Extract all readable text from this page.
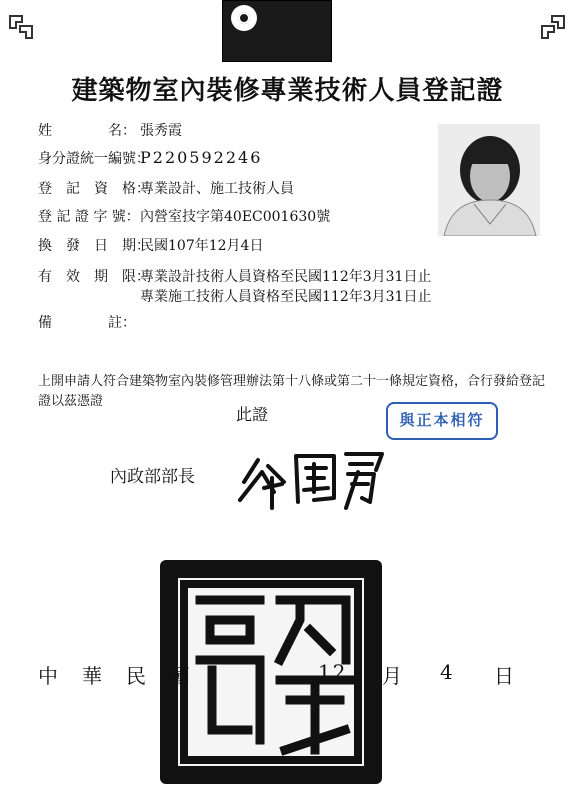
建築物室內裝修專業技術人員登記證
姓　　　　名： 張秀霞
身分證統一編號：P220592246
登　記　資　格：專業設計、施工技術人員
登 記 證 字 號：內營室技字第40EC001630號
換　發　日　期：民國107年12月4日
有　效　期　限：專業設計技術人員資格至民國112年3月31日止
專業施工技術人員資格至民國112年3月31日止
備　　　　註：
上開申請人符合建築物室內裝修管理辦法第十八條或第二十一條規定資格，合行發給登記證以茲憑證
此證	與正本相符
內政部部長
中　華　民　國	12 月 4 日
